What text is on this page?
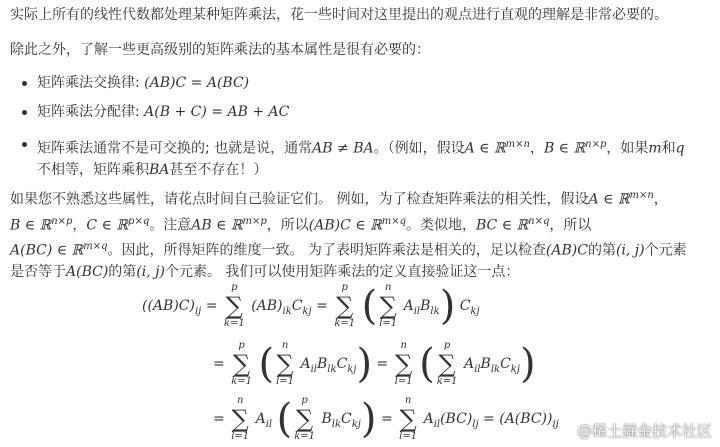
实际上所有的线性代数都处理某种矩阵乘法，花一些时间对这里提出的观点进行直观的理解是非常必要的。
除此之外，了解一些更高级别的矩阵乘法的基本属性是很有必要的：
矩阵乘法交换律: (AB)C = A(BC)
矩阵乘法分配律: A(B + C) = AB + AC
矩阵乘法通常不是可交换的; 也就是说，通常AB ≠ BA。（例如，假设A ∈ ℝ$^{m\times n}$，B ∈ ℝ$^{n\times p}$，如果m和q
不相等，矩阵乘积BA甚至不存在！）
如果您不熟悉这些属性，请花点时间自己验证它们。 例如，为了检查矩阵乘法的相关性，假设A ∈ ℝ$^{m\times n}$，
B ∈ ℝ$^{n\times p}$，C ∈ ℝ$^{p\times q}$。注意AB ∈ ℝ$^{m\times p}$，所以(AB)C ∈ ℝ$^{m\times q}$。类似地，BC ∈ ℝ$^{n\times q}$，所以
A(BC) ∈ ℝ$^{m\times q}$。因此，所得矩阵的维度一致。 为了表明矩阵乘法是相关的，足以检查(AB)C的第(i, j)个元素
是否等于A(BC)的第(i, j)个元素。 我们可以使用矩阵乘法的定义直接验证这一点：
$((AB)C)_{ij} = p$
∑
k=1 $(AB)_{ik}C_{kj} = p$
∑
k=1 ( n
∑
l=1 $A_{il}B_{lk}$) $C_{kj}$
= p
∑
k=1 ( n
∑
l=1 $A_{il}B_{lk}C_{kj}) = n$
∑
l=1 ( p
∑
k=1 $A_{il}B_{lk}C_{kj}$)
= n
∑
l=1 $A_{il}$ ( p
∑
k=1 $B_{lk}C_{kj}) = n$
∑
l=1 $A_{il}(BC)_{lj} = (A(BC))_{ij}$ @稀土掘金技术社区
